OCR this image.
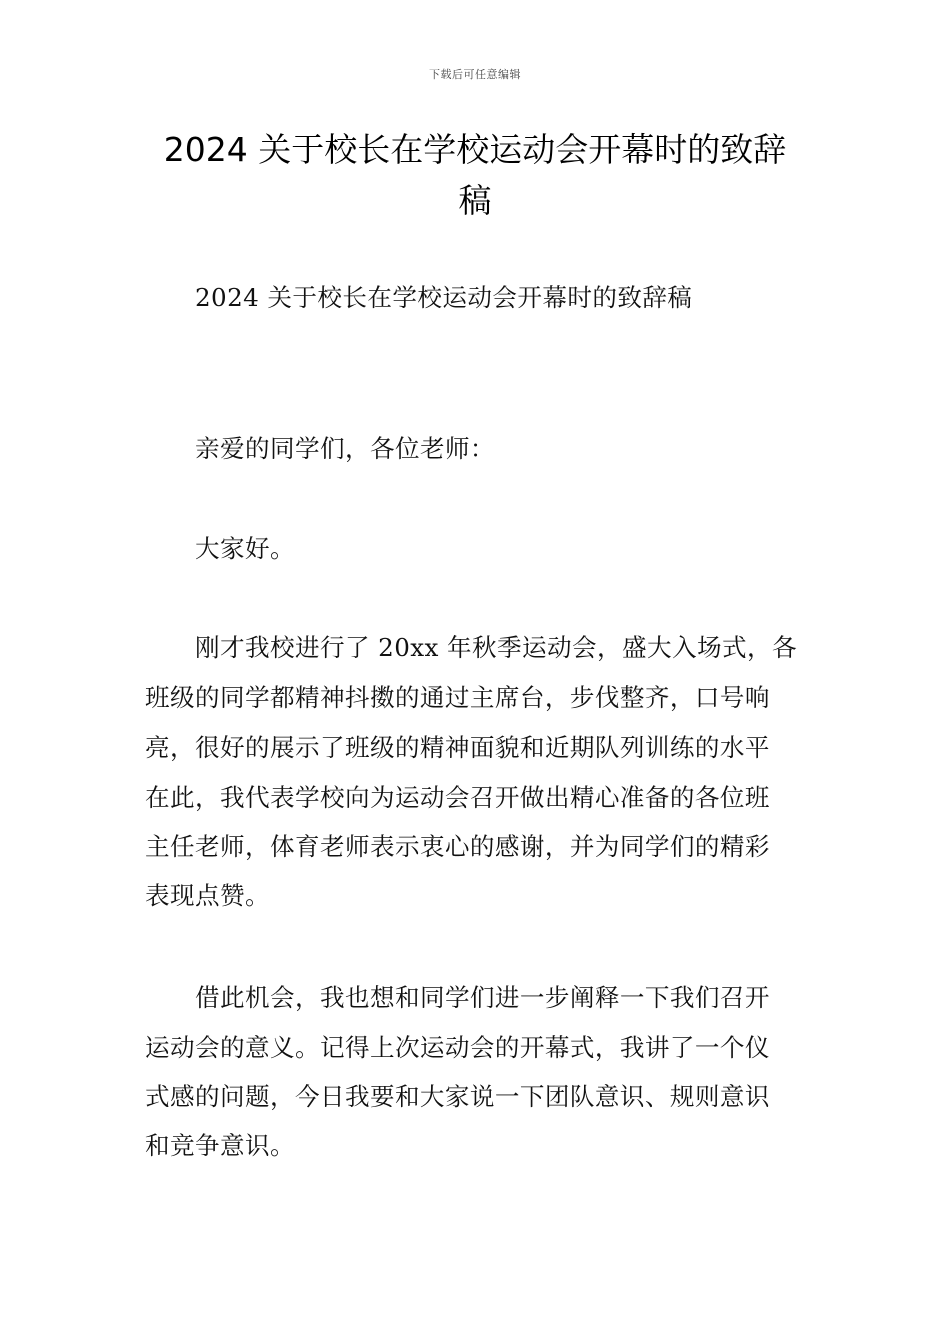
下载后可任意编辑
2024 关于校长在学校运动会开幕时的致辞
稿
2024 关于校长在学校运动会开幕时的致辞稿
亲爱的同学们，各位老师：
大家好。
刚才我校进行了 20xx 年秋季运动会，盛大入场式，各
班级的同学都精神抖擞的通过主席台，步伐整齐，口号响
亮，很好的展示了班级的精神面貌和近期队列训练的水平
在此，我代表学校向为运动会召开做出精心准备的各位班
主任老师，体育老师表示衷心的感谢，并为同学们的精彩
表现点赞。
借此机会，我也想和同学们进一步阐释一下我们召开
运动会的意义。记得上次运动会的开幕式，我讲了一个仪
式感的问题，今日我要和大家说一下团队意识、规则意识
和竞争意识。
